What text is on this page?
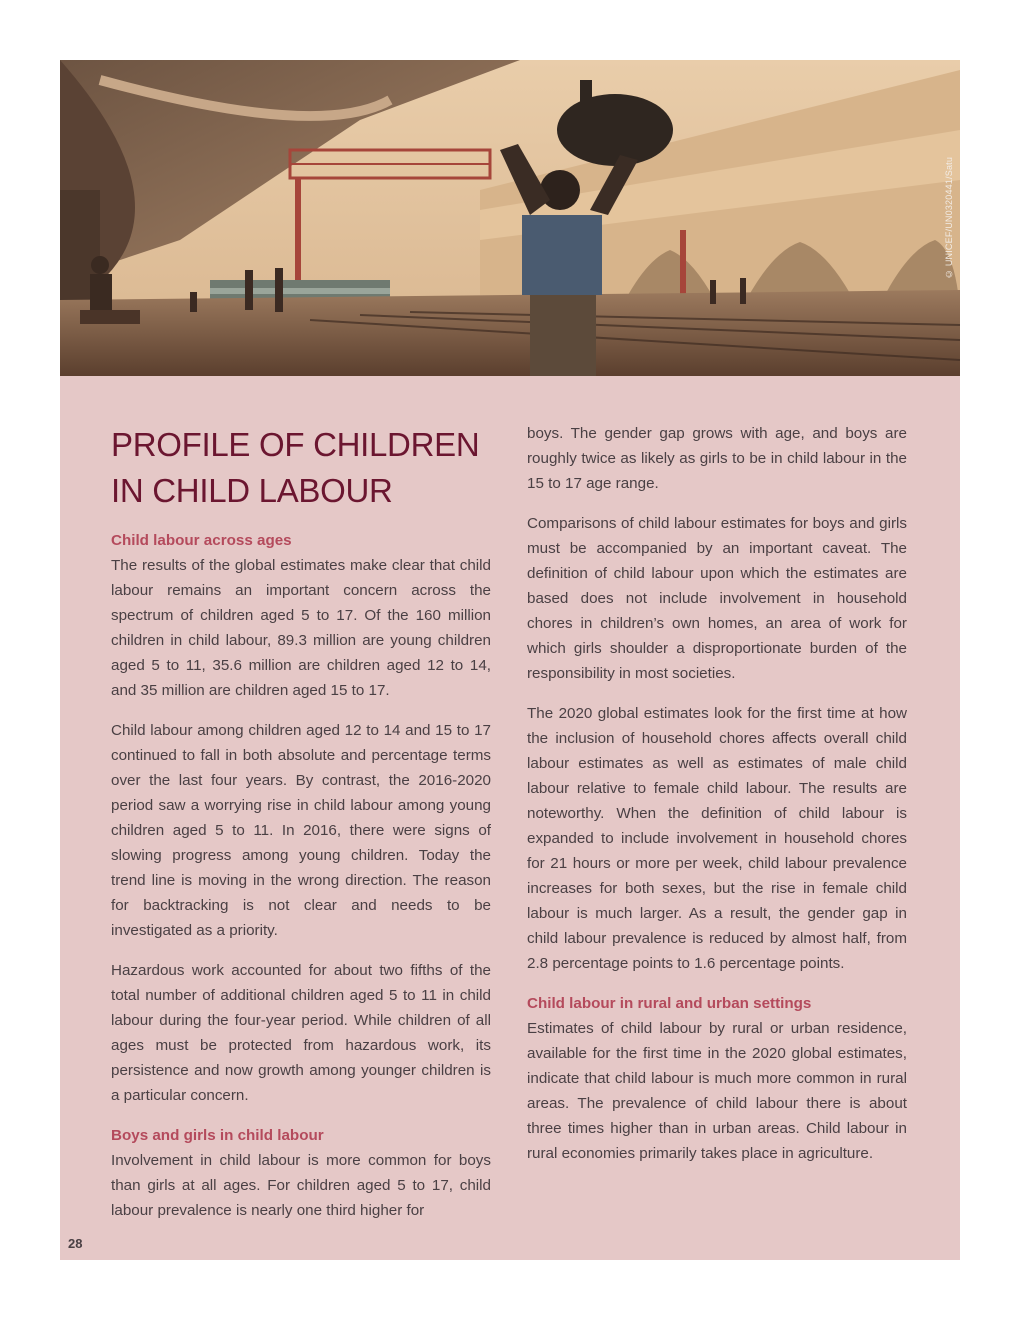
© UNICEF/UN0320441/Satu
PROFILE OF CHILDREN
IN CHILD LABOUR
Child labour across ages

The results of the global estimates make clear that child labour remains an important concern across the spectrum of children aged 5 to 17. Of the 160 million children in child labour, 89.3 million are young children aged 5 to 11, 35.6 million are children aged 12 to 14, and 35 million are children aged 15 to 17.

Child labour among children aged 12 to 14 and 15 to 17 continued to fall in both absolute and percentage terms over the last four years. By contrast, the 2016-2020 period saw a worrying rise in child labour among young children aged 5 to 11. In 2016, there were signs of slowing progress among young children. Today the trend line is moving in the wrong direction. The reason for backtracking is not clear and needs to be investigated as a priority.

Hazardous work accounted for about two fifths of the total number of additional children aged 5 to 11 in child labour during the four-year period. While children of all ages must be protected from hazardous work, its persistence and now growth among younger children is a particular concern.

Boys and girls in child labour

Involvement in child labour is more common for boys than girls at all ages. For children aged 5 to 17, child labour prevalence is nearly one third higher for

boys. The gender gap grows with age, and boys are roughly twice as likely as girls to be in child labour in the 15 to 17 age range.

Comparisons of child labour estimates for boys and girls must be accompanied by an important caveat. The definition of child labour upon which the estimates are based does not include involvement in household chores in children’s own homes, an area of work for which girls shoulder a disproportionate burden of the responsibility in most societies.

The 2020 global estimates look for the first time at how the inclusion of household chores affects overall child labour estimates as well as estimates of male child labour relative to female child labour. The results are noteworthy. When the definition of child labour is expanded to include involvement in household chores for 21 hours or more per week, child labour prevalence increases for both sexes, but the rise in female child labour is much larger. As a result, the gender gap in child labour prevalence is reduced by almost half, from 2.8 percentage points to 1.6 percentage points.

Child labour in rural and urban settings

Estimates of child labour by rural or urban residence, available for the first time in the 2020 global estimates, indicate that child labour is much more common in rural areas. The prevalence of child labour there is about three times higher than in urban areas. Child labour in rural economies primarily takes place in agriculture.

28
